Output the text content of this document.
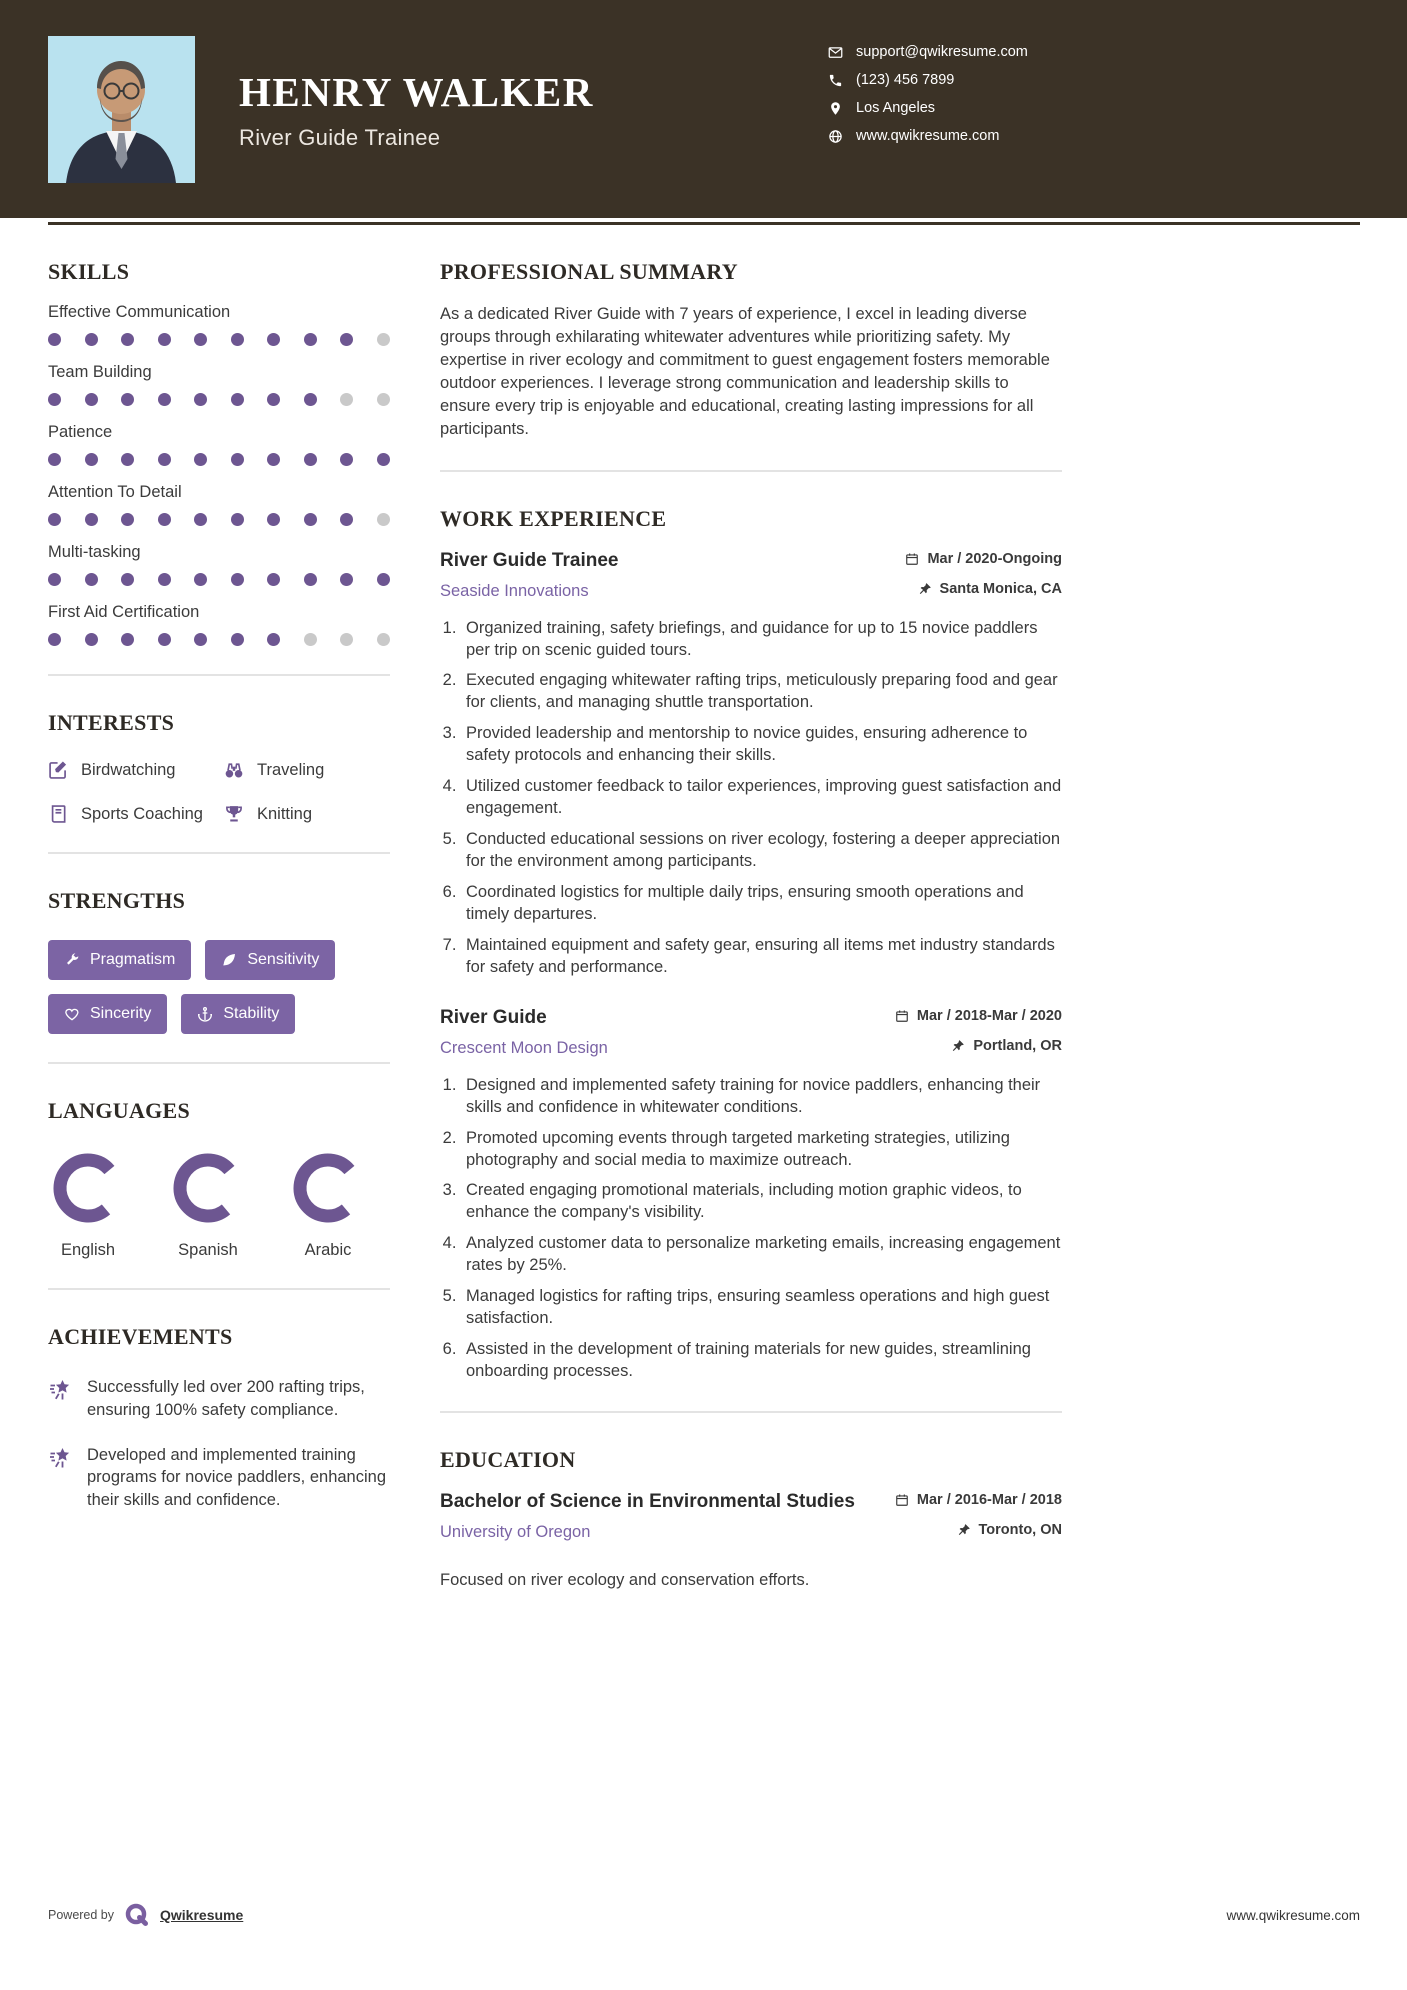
HENRY WALKER
River Guide Trainee
support@qwikresume.com
(123) 456 7899
Los Angeles
www.qwikresume.com
SKILLS
Effective Communication
Team Building
Patience
Attention To Detail
Multi-tasking
First Aid Certification
INTERESTS
Birdwatching	Traveling
Sports Coaching	Knitting
STRENGTHS
Pragmatism	Sensitivity
Sincerity	Stability
LANGUAGES
English	Spanish	Arabic
ACHIEVEMENTS
Successfully led over 200 rafting trips, ensuring 100% safety compliance.
Developed and implemented training programs for novice paddlers, enhancing their skills and confidence.
PROFESSIONAL SUMMARY

As a dedicated River Guide with 7 years of experience, I excel in leading diverse groups through exhilarating whitewater adventures while prioritizing safety. My expertise in river ecology and commitment to guest engagement fosters memorable outdoor experiences. I leverage strong communication and leadership skills to ensure every trip is enjoyable and educational, creating lasting impressions for all participants.

WORK EXPERIENCE
River Guide Trainee	Mar / 2020-Ongoing
Seaside Innovations	Santa Monica, CA
1. Organized training, safety briefings, and guidance for up to 15 novice paddlers per trip on scenic guided tours.
2. Executed engaging whitewater rafting trips, meticulously preparing food and gear for clients, and managing shuttle transportation.
3. Provided leadership and mentorship to novice guides, ensuring adherence to safety protocols and enhancing their skills.
4. Utilized customer feedback to tailor experiences, improving guest satisfaction and engagement.
5. Conducted educational sessions on river ecology, fostering a deeper appreciation for the environment among participants.
6. Coordinated logistics for multiple daily trips, ensuring smooth operations and timely departures.
7. Maintained equipment and safety gear, ensuring all items met industry standards for safety and performance.
River Guide	Mar / 2018-Mar / 2020
Crescent Moon Design	Portland, OR
1. Designed and implemented safety training for novice paddlers, enhancing their skills and confidence in whitewater conditions.
2. Promoted upcoming events through targeted marketing strategies, utilizing photography and social media to maximize outreach.
3. Created engaging promotional materials, including motion graphic videos, to enhance the company's visibility.
4. Analyzed customer data to personalize marketing emails, increasing engagement rates by 25%.
5. Managed logistics for rafting trips, ensuring seamless operations and high guest satisfaction.
6. Assisted in the development of training materials for new guides, streamlining onboarding processes.
EDUCATION
Bachelor of Science in Environmental Studies	Mar / 2016-Mar / 2018
University of Oregon	Toronto, ON

Focused on river ecology and conservation efforts.

Powered by	Qwikresume	www.qwikresume.com
